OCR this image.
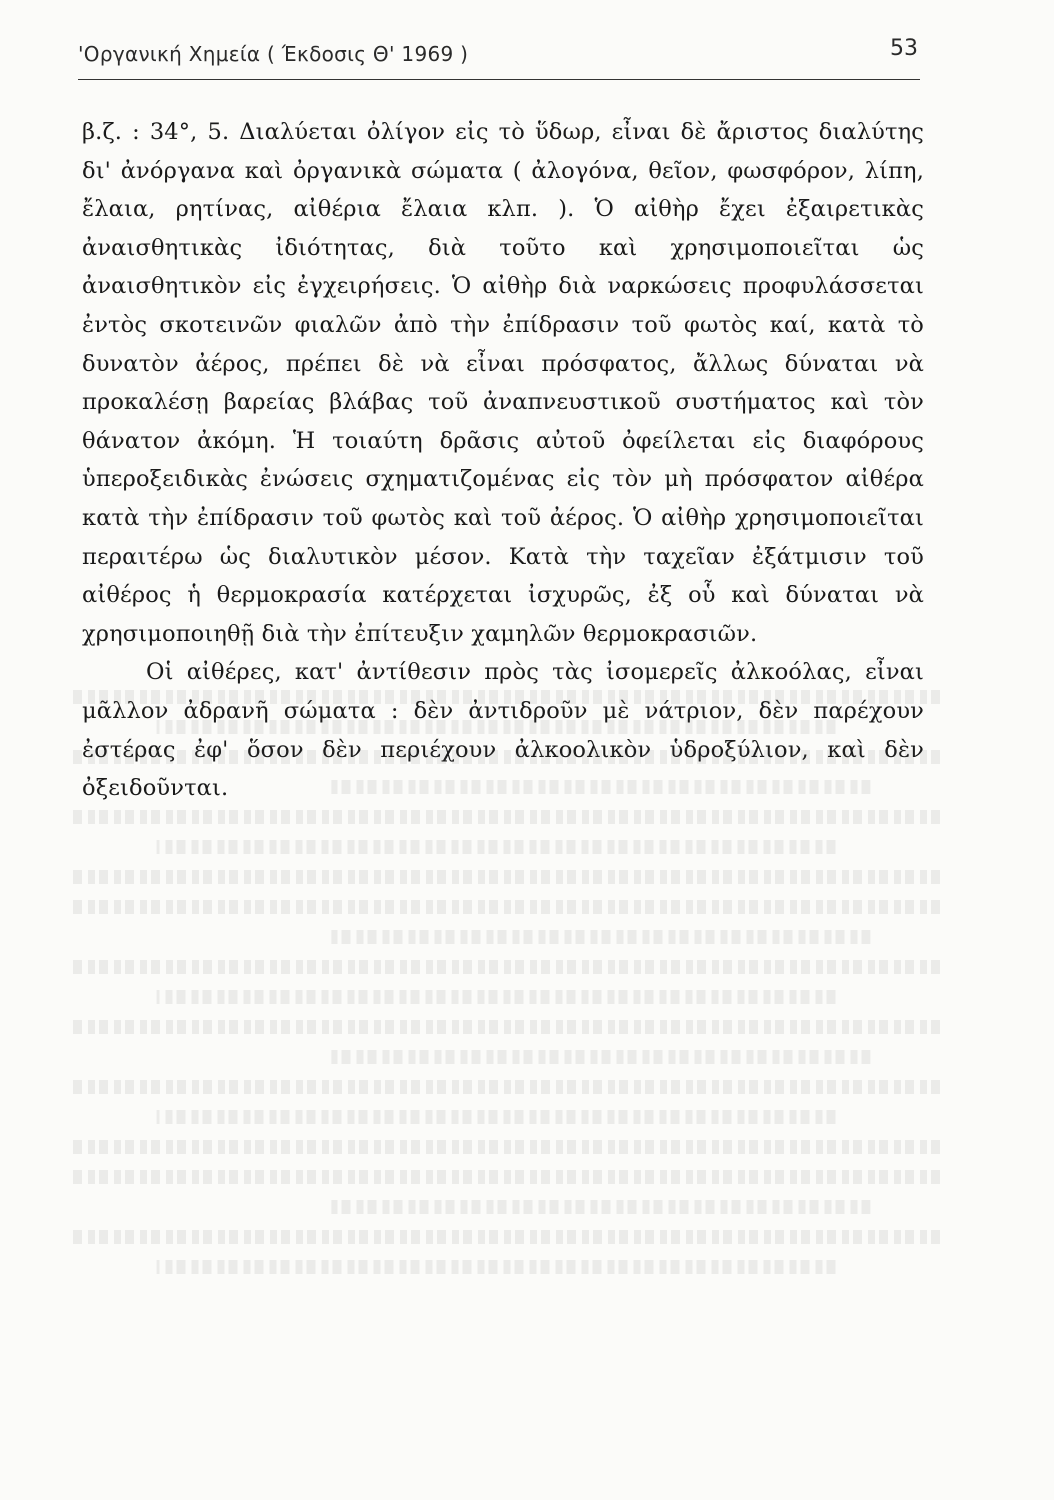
'Οργανική Χημεία ( Έκδοσις Θ' 1969 )	53

β.ζ. : 34°, 5. Διαλύεται ὀλίγον εἰς τὸ ὕδωρ, εἶναι δὲ ἄριστος διαλύτης δι' ἀνόργανα καὶ ὀργανικὰ σώματα ( ἀλογόνα, θεῖον, φωσφόρον, λίπη, ἔλαια, ρητίνας, αἰθέρια ἔλαια κλπ. ). Ὁ αἰθὴρ ἔχει ἐξαιρετικὰς ἀναισθητικὰς ἰδιότητας, διὰ τοῦτο καὶ χρησιμοποιεῖται ὡς ἀναισθητικὸν εἰς ἐγχειρήσεις. Ὁ αἰθὴρ διὰ ναρκώσεις προφυλάσσεται ἐντὸς σκοτεινῶν φιαλῶν ἀπὸ τὴν ἐπίδρασιν τοῦ φωτὸς καί, κατὰ τὸ δυνατὸν ἀέρος, πρέπει δὲ νὰ εἶναι πρόσφατος, ἄλλως δύναται νὰ προκαλέσῃ βαρείας βλάβας τοῦ ἀναπνευστικοῦ συστήματος καὶ τὸν θάνατον ἀκόμη. Ἡ τοιαύτη δρᾶσις αὐτοῦ ὀφείλεται εἰς διαφόρους ὑπεροξειδικὰς ἐνώσεις σχηματιζομένας εἰς τὸν μὴ πρόσφατον αἰθέρα κατὰ τὴν ἐπίδρασιν τοῦ φωτὸς καὶ τοῦ ἀέρος. Ὁ αἰθὴρ χρησιμοποιεῖται περαιτέρω ὡς διαλυτικὸν μέσον. Κατὰ τὴν ταχεῖαν ἐξάτμισιν τοῦ αἰθέρος ἡ θερμοκρασία κατέρχεται ἰσχυρῶς, ἐξ οὗ καὶ δύναται νὰ χρησιμοποιηθῇ διὰ τὴν ἐπίτευξιν χαμηλῶν θερμοκρασιῶν.

Οἱ αἰθέρες, κατ' ἀντίθεσιν πρὸς τὰς ἰσομερεῖς ἀλκοόλας, εἶναι μᾶλλον ἀδρανῆ σώματα : δὲν ἀντιδροῦν μὲ νάτριον, δὲν παρέχουν ἐστέρας ἐφ' ὅσον δὲν περιέχουν ἀλκοολικὸν ὑδροξύλιον, καὶ δὲν ὀξειδοῦνται.
